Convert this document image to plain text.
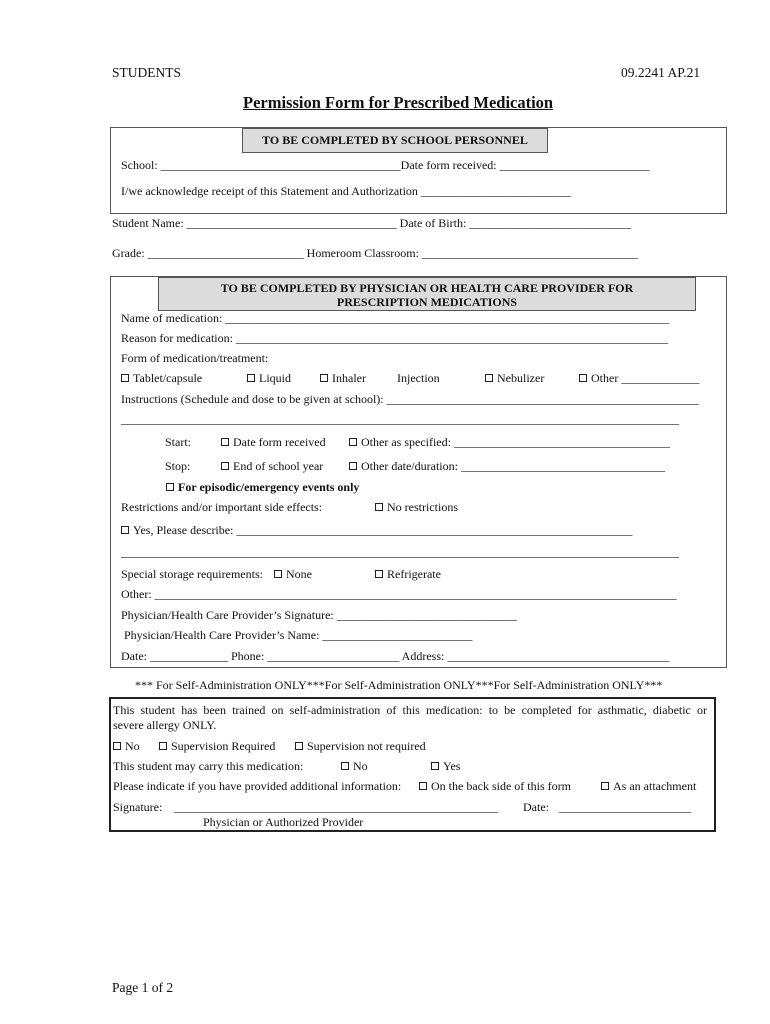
STUDENTS	09.2241 AP.21
Permission Form for Prescribed Medication
TO BE COMPLETED BY SCHOOL PERSONNEL
School: ________________________________________Date form received: _________________________
I/we acknowledge receipt of this Statement and Authorization _________________________
Student Name: ___________________________________ Date of Birth: ___________________________
Grade: __________________________ Homeroom Classroom: ____________________________________
TO BE COMPLETED BY PHYSICIAN OR HEALTH CARE PROVIDER FOR
PRESCRIPTION MEDICATIONS
Name of medication: __________________________________________________________________________
Reason for medication: ________________________________________________________________________
Form of medication/treatment:
Tablet/capsule	Liquid	Inhaler	Injection	Nebulizer	Other _____________
Instructions (Schedule and dose to be given at school): ____________________________________________________
_____________________________________________________________________________________________
Start:	Date form received	Other as specified: ____________________________________
Stop:	End of school year	Other date/duration: __________________________________
For episodic/emergency events only
Restrictions and/or important side effects:	No restrictions
Yes, Please describe: __________________________________________________________________
_____________________________________________________________________________________________
Special storage requirements:	None	Refrigerate
Other: _______________________________________________________________________________________
Physician/Health Care Provider’s Signature: ______________________________
Physician/Health Care Provider’s Name: _________________________
Date: _____________ Phone: ______________________ Address: _____________________________________
*** For Self-Administration ONLY***For Self-Administration ONLY***For Self-Administration ONLY***
This student has been trained on self-administration of this medication: to be completed for asthmatic, diabetic or
severe allergy ONLY.
No	Supervision Required	Supervision not required
This student may carry this medication:	No	Yes
Please indicate if you have provided additional information:	On the back side of this form	As an attachment
Signature: ______________________________________________________ Date: ______________________
Physician or Authorized Provider
Page 1 of 2
